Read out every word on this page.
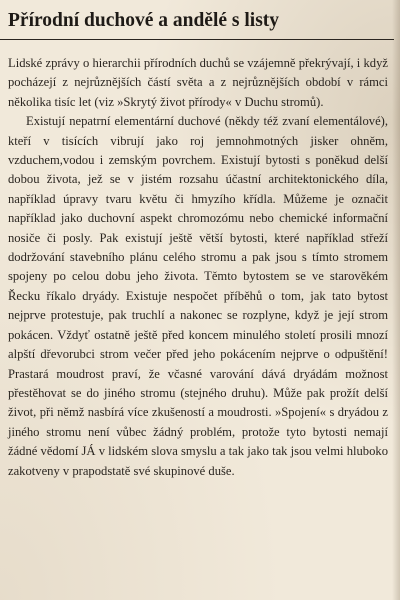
Přírodní duchové a andělé s listy

Lidské zprávy o hierarchii přírodních duchů se vzájemně překrývají, i když pocházejí z nejrůznějších částí světa a z nejrůznějších období v rámci několika tisíc let (viz »Skrytý život přírody« v Duchu stromů).

Existují nepatrní elementární duchové (někdy též zvaní elementálové), kteří v tisících vibrují jako roj jemnohmotných jisker ohněm, vzduchem,vodou i zemským povrchem. Existují bytosti s poněkud delší dobou života, jež se v jistém rozsahu účastní architektonického díla, například úpravy tvaru květu či hmyzího křídla. Můžeme je označit například jako duchovní aspekt chromozómu nebo chemické informační nosiče či posly. Pak existují ještě větší bytosti, které například střeží dodržování stavebního plánu celého stromu a pak jsou s tímto stromem spojeny po celou dobu jeho života. Těmto bytostem se ve starověkém Řecku říkalo dryády. Existuje nespočet příběhů o tom, jak tato bytost nejprve protestuje, pak truchlí a nakonec se rozplyne, když je její strom pokácen. Vždyť ostatně ještě před koncem minulého století prosili mnozí alpští dřevorubci strom večer před jeho pokácením nejprve o odpuštění! Prastará moudrost praví, že včasné varování dává dryádám možnost přestěhovat se do jiného stromu (stejného druhu). Může pak prožít delší život, při němž nasbírá více zkušeností a moudrosti. »Spojení« s dryádou z jiného stromu není vůbec žádný problém, protože tyto bytosti nemají žádné vědomí JÁ v lidském slova smyslu a tak jako tak jsou velmi hluboko zakotveny v prapodstatě své skupinové duše.
